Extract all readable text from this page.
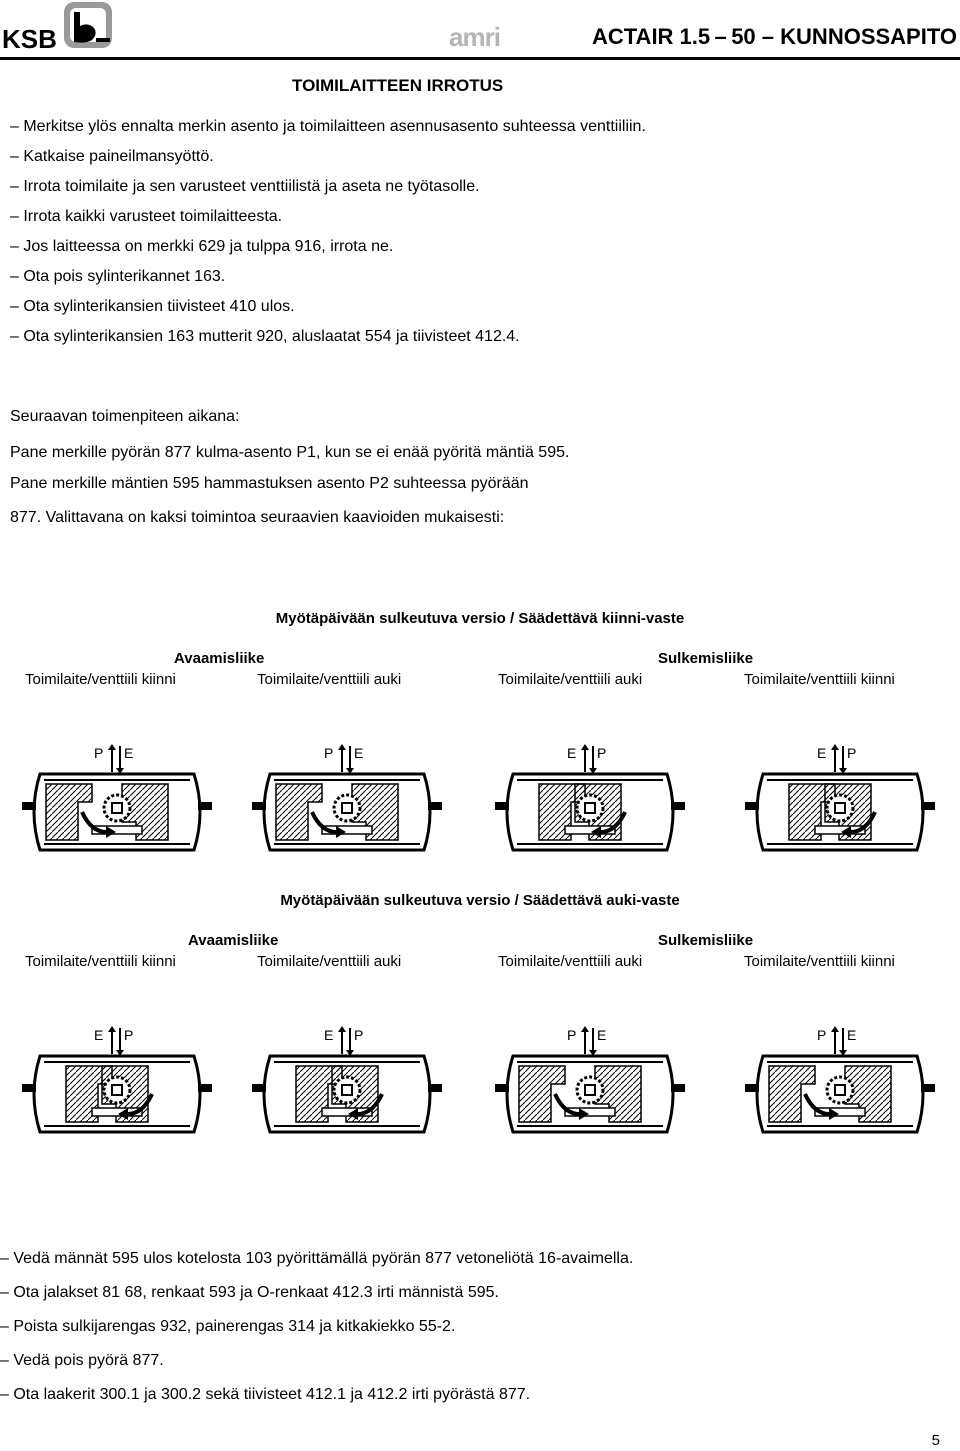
KSB	amri	ACTAIR 1.5 – 50 – KUNNOSSAPITO
TOIMILAITTEEN IRROTUS
– Merkitse ylös ennalta merkin asento ja toimilaitteen asennusasento suhteessa venttiiliin.
– Katkaise paineilmansyöttö.
– Irrota toimilaite ja sen varusteet venttiilistä ja aseta ne työtasolle.
– Irrota kaikki varusteet toimilaitteesta.
– Jos laitteessa on merkki 629 ja tulppa 916, irrota ne.
– Ota pois sylinterikannet 163.
– Ota sylinterikansien tiivisteet 410 ulos.
– Ota sylinterikansien 163 mutterit 920, aluslaatat 554 ja tiivisteet 412.4.
Seuraavan toimenpiteen aikana:
Pane merkille pyörän 877 kulma-asento P1, kun se ei enää pyöritä mäntiä 595.
Pane merkille mäntien 595 hammastuksen asento P2 suhteessa pyörään
877. Valittavana on kaksi toimintoa seuraavien kaavioiden mukaisesti:
Myötäpäivään sulkeutuva versio / Säädettävä kiinni-vaste
Avaamisliike	Sulkemisliike
Toimilaite/venttiili kiinni	Toimilaite/venttiili auki	Toimilaite/venttiili auki	Toimilaite/venttiili kiinni
P E	P E	E P	E P
Myötäpäivään sulkeutuva versio / Säädettävä auki-vaste
Avaamisliike	Sulkemisliike
Toimilaite/venttiili kiinni	Toimilaite/venttiili auki	Toimilaite/venttiili auki	Toimilaite/venttiili kiinni
E P	E P	P E	P E
– Vedä männät 595 ulos kotelosta 103 pyörittämällä pyörän 877 vetoneliötä 16-avaimella.
– Ota jalakset 81 68, renkaat 593 ja O-renkaat 412.3 irti männistä 595.
– Poista sulkijarengas 932, painerengas 314 ja kitkakiekko 55-2.
– Vedä pois pyörä 877.
– Ota laakerit 300.1 ja 300.2 sekä tiivisteet 412.1 ja 412.2 irti pyörästä 877.
5
